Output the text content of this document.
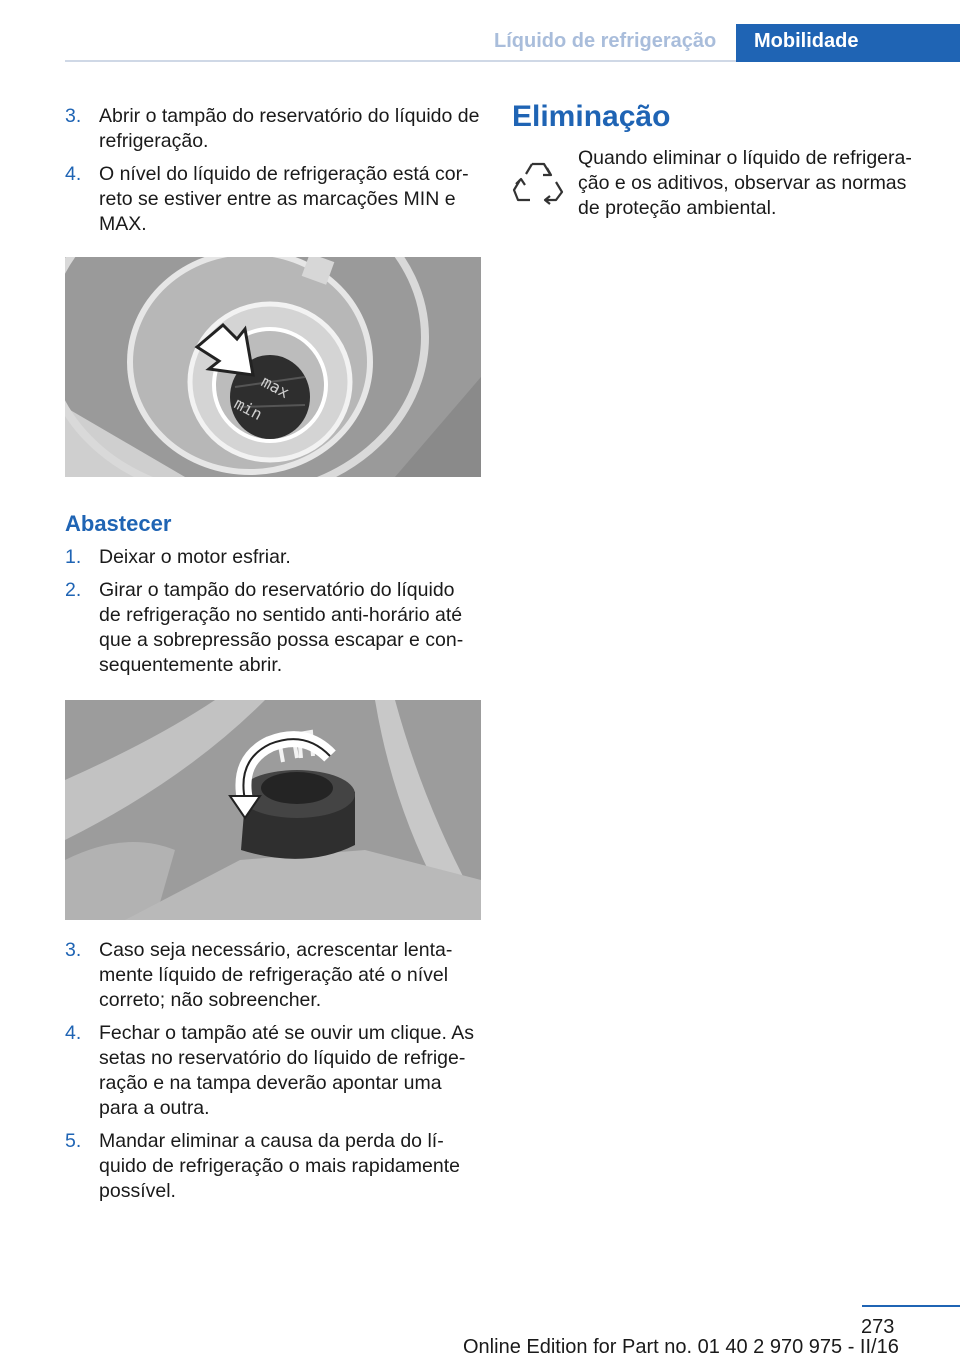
Líquido de refrigeração	Mobilidade
3. Abrir o tampão do reservatório do líquido de refrigeração.
4. O nível do líquido de refrigeração está cor‐reto se estiver entre as marcações MIN e MAX.
max
min
Abastecer
1. Deixar o motor esfriar.
2. Girar o tampão do reservatório do líquido de refrigeração no sentido anti‑horário até que a sobrepressão possa escapar e con‐sequentemente abrir.
3. Caso seja necessário, acrescentar lenta‐mente líquido de refrigeração até o nível correto; não sobreencher.
4. Fechar o tampão até se ouvir um clique. As setas no reservatório do líquido de refrige‐ração e na tampa deverão apontar uma para a outra.
5. Mandar eliminar a causa da perda do lí‐quido de refrigeração o mais rapidamente possível.
Eliminação

Quando eliminar o líquido de refrigera‐ção e os aditivos, observar as normas de proteção ambiental.

273
Online Edition for Part no. 01 40 2 970 975 - II/16
